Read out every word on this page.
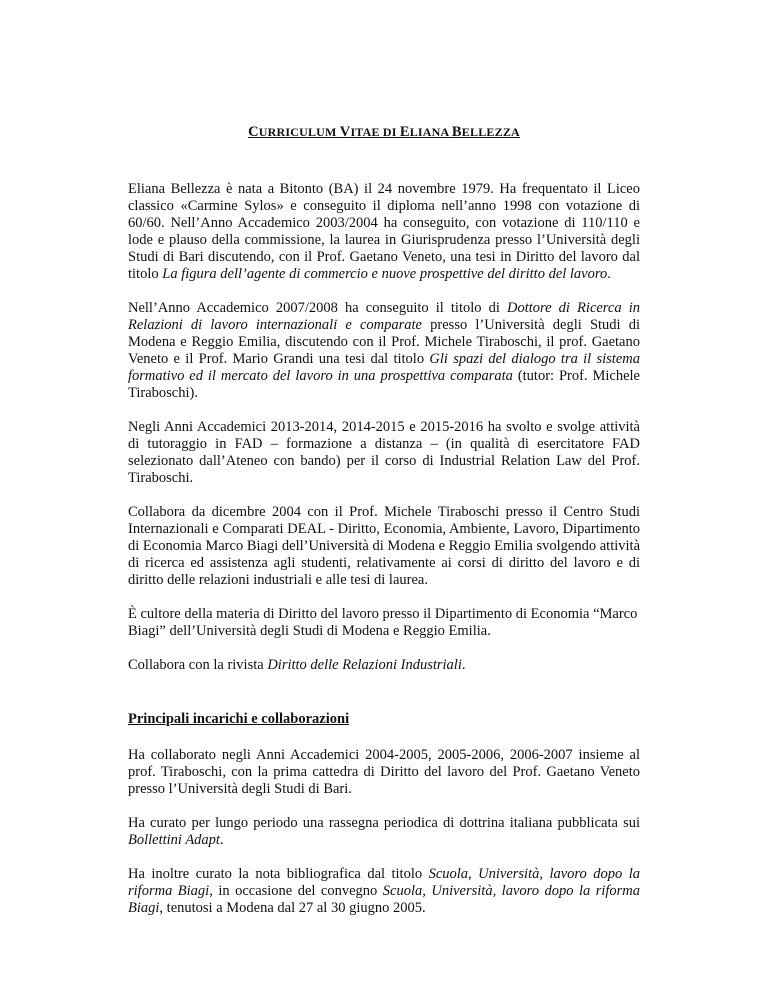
CURRICULUM VITAE DI ELIANA BELLEZZA

Eliana Bellezza è nata a Bitonto (BA) il 24 novembre 1979. Ha frequentato il Liceo classico «Carmine Sylos» e conseguito il diploma nell’anno 1998 con votazione di 60/60. Nell’Anno Accademico 2003/2004 ha conseguito, con votazione di 110/110 e lode e plauso della commissione, la laurea in Giurisprudenza presso l’Università degli Studi di Bari discutendo, con il Prof. Gaetano Veneto, una tesi in Diritto del lavoro dal titolo La figura dell’agente di commercio e nuove prospettive del diritto del lavoro.

Nell’Anno Accademico 2007/2008 ha conseguito il titolo di Dottore di Ricerca in Relazioni di lavoro internazionali e comparate presso l’Università degli Studi di Modena e Reggio Emilia, discutendo con il Prof. Michele Tiraboschi, il prof. Gaetano Veneto e il Prof. Mario Grandi una tesi dal titolo Gli spazi del dialogo tra il sistema formativo ed il mercato del lavoro in una prospettiva comparata (tutor: Prof. Michele Tiraboschi).

Negli Anni Accademici 2013-2014, 2014-2015 e 2015-2016 ha svolto e svolge attività di tutoraggio in FAD – formazione a distanza – (in qualità di esercitatore FAD selezionato dall’Ateneo con bando) per il corso di Industrial Relation Law del Prof. Tiraboschi.

Collabora da dicembre 2004 con il Prof. Michele Tiraboschi presso il Centro Studi Internazionali e Comparati DEAL - Diritto, Economia, Ambiente, Lavoro, Dipartimento di Economia Marco Biagi dell’Università di Modena e Reggio Emilia svolgendo attività di ricerca ed assistenza agli studenti, relativamente ai corsi di diritto del lavoro e di diritto delle relazioni industriali e alle tesi di laurea.

È cultore della materia di Diritto del lavoro presso il Dipartimento di Economia “Marco Biagi” dell’Università degli Studi di Modena e Reggio Emilia.

Collabora con la rivista Diritto delle Relazioni Industriali.

Principali incarichi e collaborazioni

Ha collaborato negli Anni Accademici 2004-2005, 2005-2006, 2006-2007 insieme al prof. Tiraboschi, con la prima cattedra di Diritto del lavoro del Prof. Gaetano Veneto presso l’Università degli Studi di Bari.

Ha curato per lungo periodo una rassegna periodica di dottrina italiana pubblicata sui Bollettini Adapt.

Ha inoltre curato la nota bibliografica dal titolo Scuola, Università, lavoro dopo la riforma Biagi, in occasione del convegno Scuola, Università, lavoro dopo la riforma Biagi, tenutosi a Modena dal 27 al 30 giugno 2005.
